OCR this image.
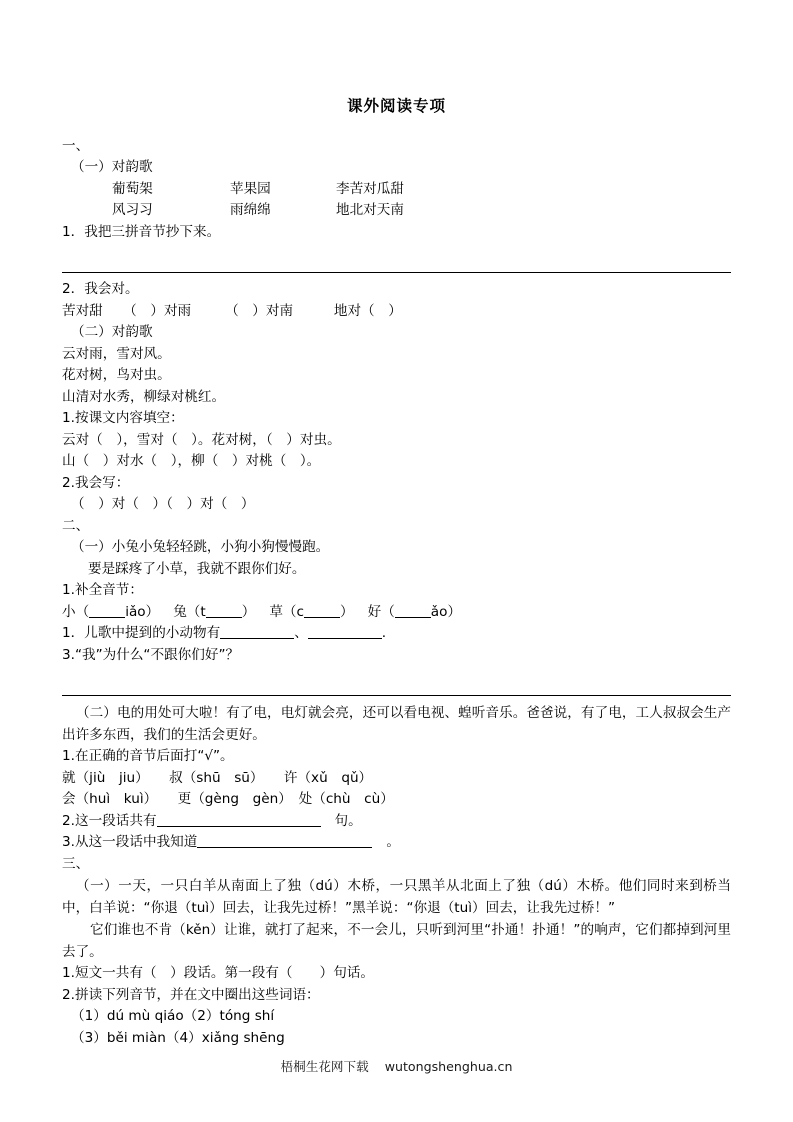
课外阅读专项
一、
（一）对韵歌
葡萄架	苹果园	李苦对瓜甜
风习习	雨绵绵	地北对天南
1．我把三拼音节抄下来。
2．我会对。
苦对甜　　（　）对雨　　　（　）对南　　　地对（　）
（二）对韵歌
云对雨，雪对风。
花对树，鸟对虫。
山清对水秀，柳绿对桃红。
1.按课文内容填空：
云对（　），雪对（　）。花对树，（　）对虫。
山（　）对水（　），柳（　）对桃（　）。
2.我会写：
（　）对（　）（　）对（　）
二、
（一）小兔小兔轻轻跳，小狗小狗慢慢跑。
要是踩疼了小草，我就不跟你们好。
1.补全音节：
小（	iǎo） 兔（t	） 草（c	） 好（	ǎo）
1．儿歌中提到的小动物有	、	.
3.“我”为什么“不跟你们好”？
（二）电的用处可大啦！有了电，电灯就会亮，还可以看电视、蝗听音乐。爸爸说，有了电，工人叔叔会生产出许多东西，我们的生活会更好。
1.在正确的音节后面打“√”。
就（jiù　jiu）　　叔（shū　sū）　　许（xǔ　qǔ）
会（huì　kuì）　　更（gèng　gèn）　处（chù　cù）
2.这一段话共有	句。
3.从这一段话中我知道	。
三、
（一）一天，一只白羊从南面上了独（dú）木桥，一只黑羊从北面上了独（dú）木桥。他们同时来到桥当中，白羊说：“你退（tuì）回去，让我先过桥！”黑羊说：“你退（tuì）回去，让我先过桥！”
它们谁也不肯（kěn）让谁，就打了起来，不一会儿，只听到河里“扑通！扑通！”的响声，它们都掉到河里去了。
1.短文一共有（　）段话。第一段有（　　）句话。
2.拼读下列音节，并在文中圈出这些词语：
（1）dú mù qiáo（2）tóng shí
（3）běi miàn（4）xiǎng shēng
梧桐生花网下载 wutongshenghua.cn
